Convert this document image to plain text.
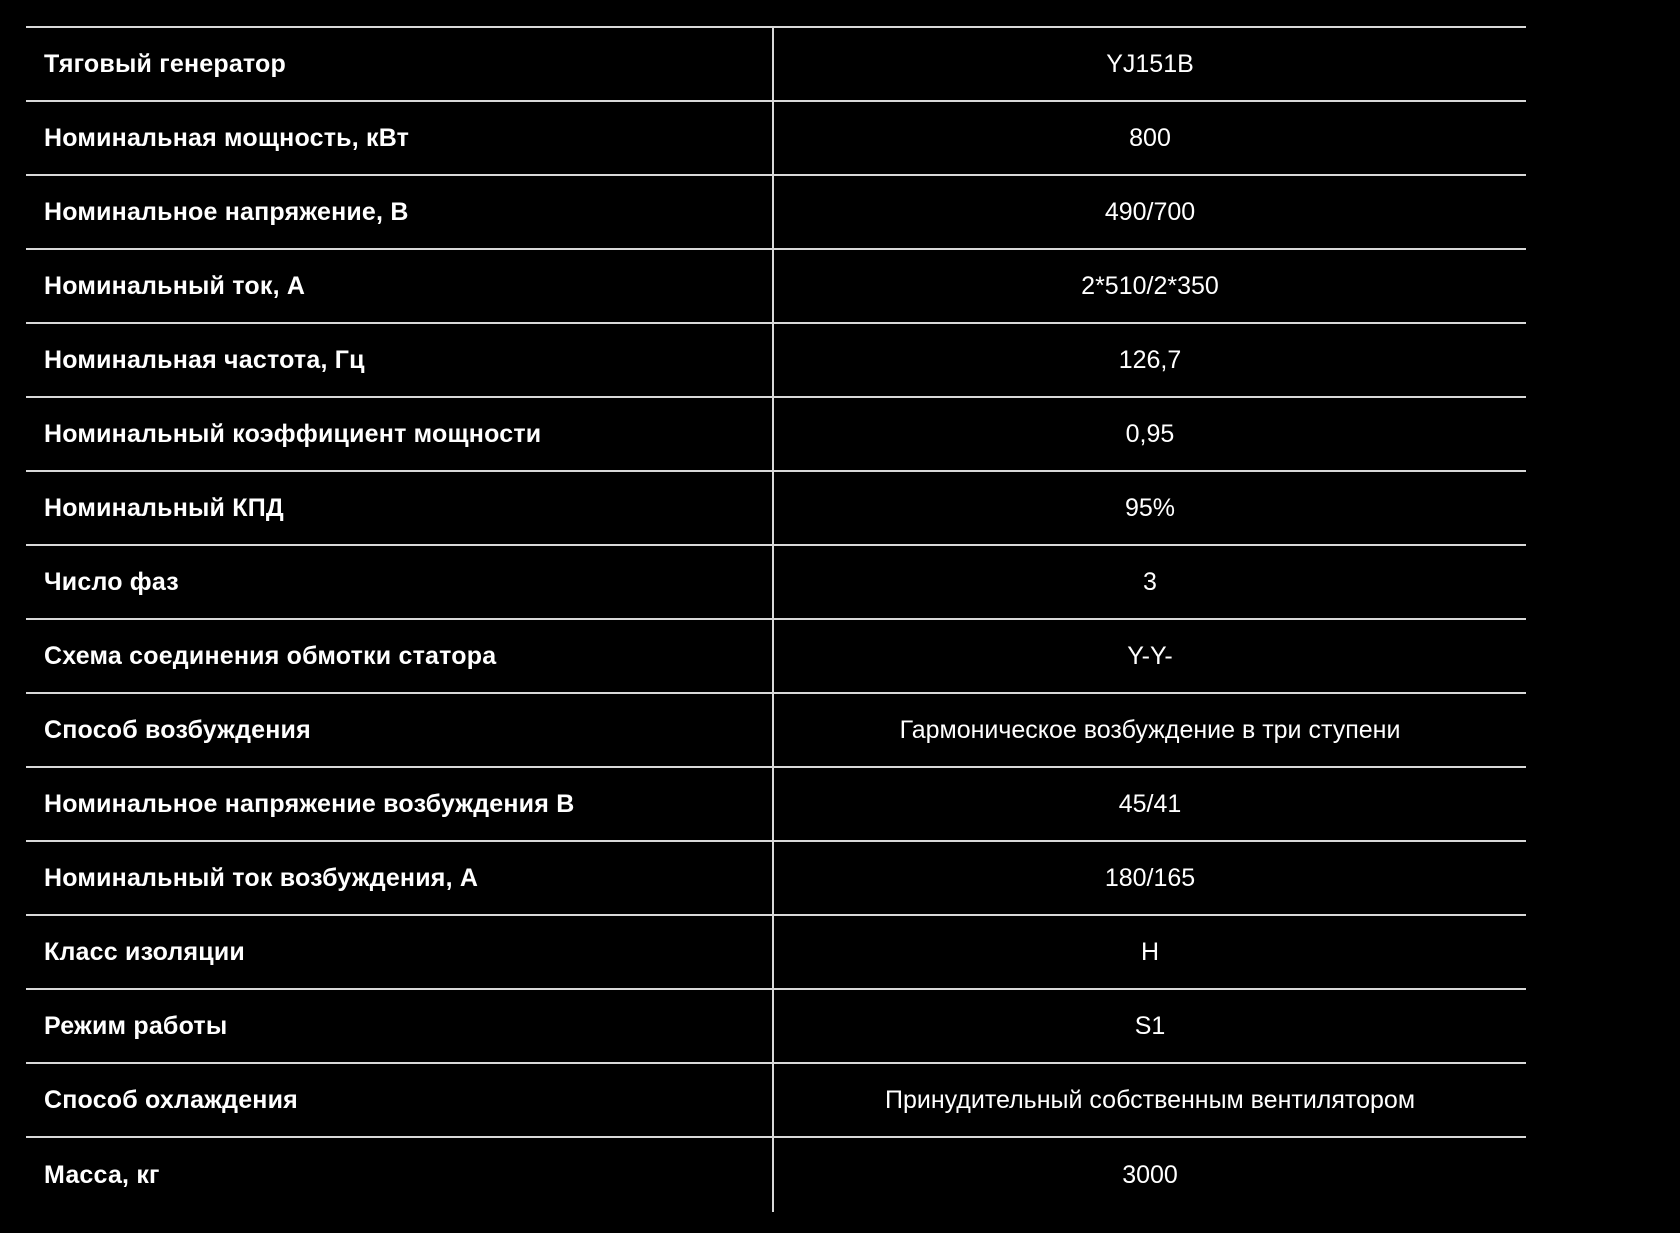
Тяговый генератор	YJ151B
Номинальная мощность, кВт	800
Номинальное напряжение, В	490/700
Номинальный ток, А	2*510/2*350
Номинальная частота, Гц	126,7
Номинальный коэффициент мощности	0,95
Номинальный КПД	95%
Число фаз	3
Схема соединения обмотки статора	Y-Y-
Способ возбуждения	Гармоническое возбуждение в три ступени
Номинальное напряжение возбуждения В	45/41
Номинальный ток возбуждения, А	180/165
Класс изоляции	H
Режим работы	S1
Способ охлаждения	Принудительный собственным вентилятором
Масса, кг	3000
